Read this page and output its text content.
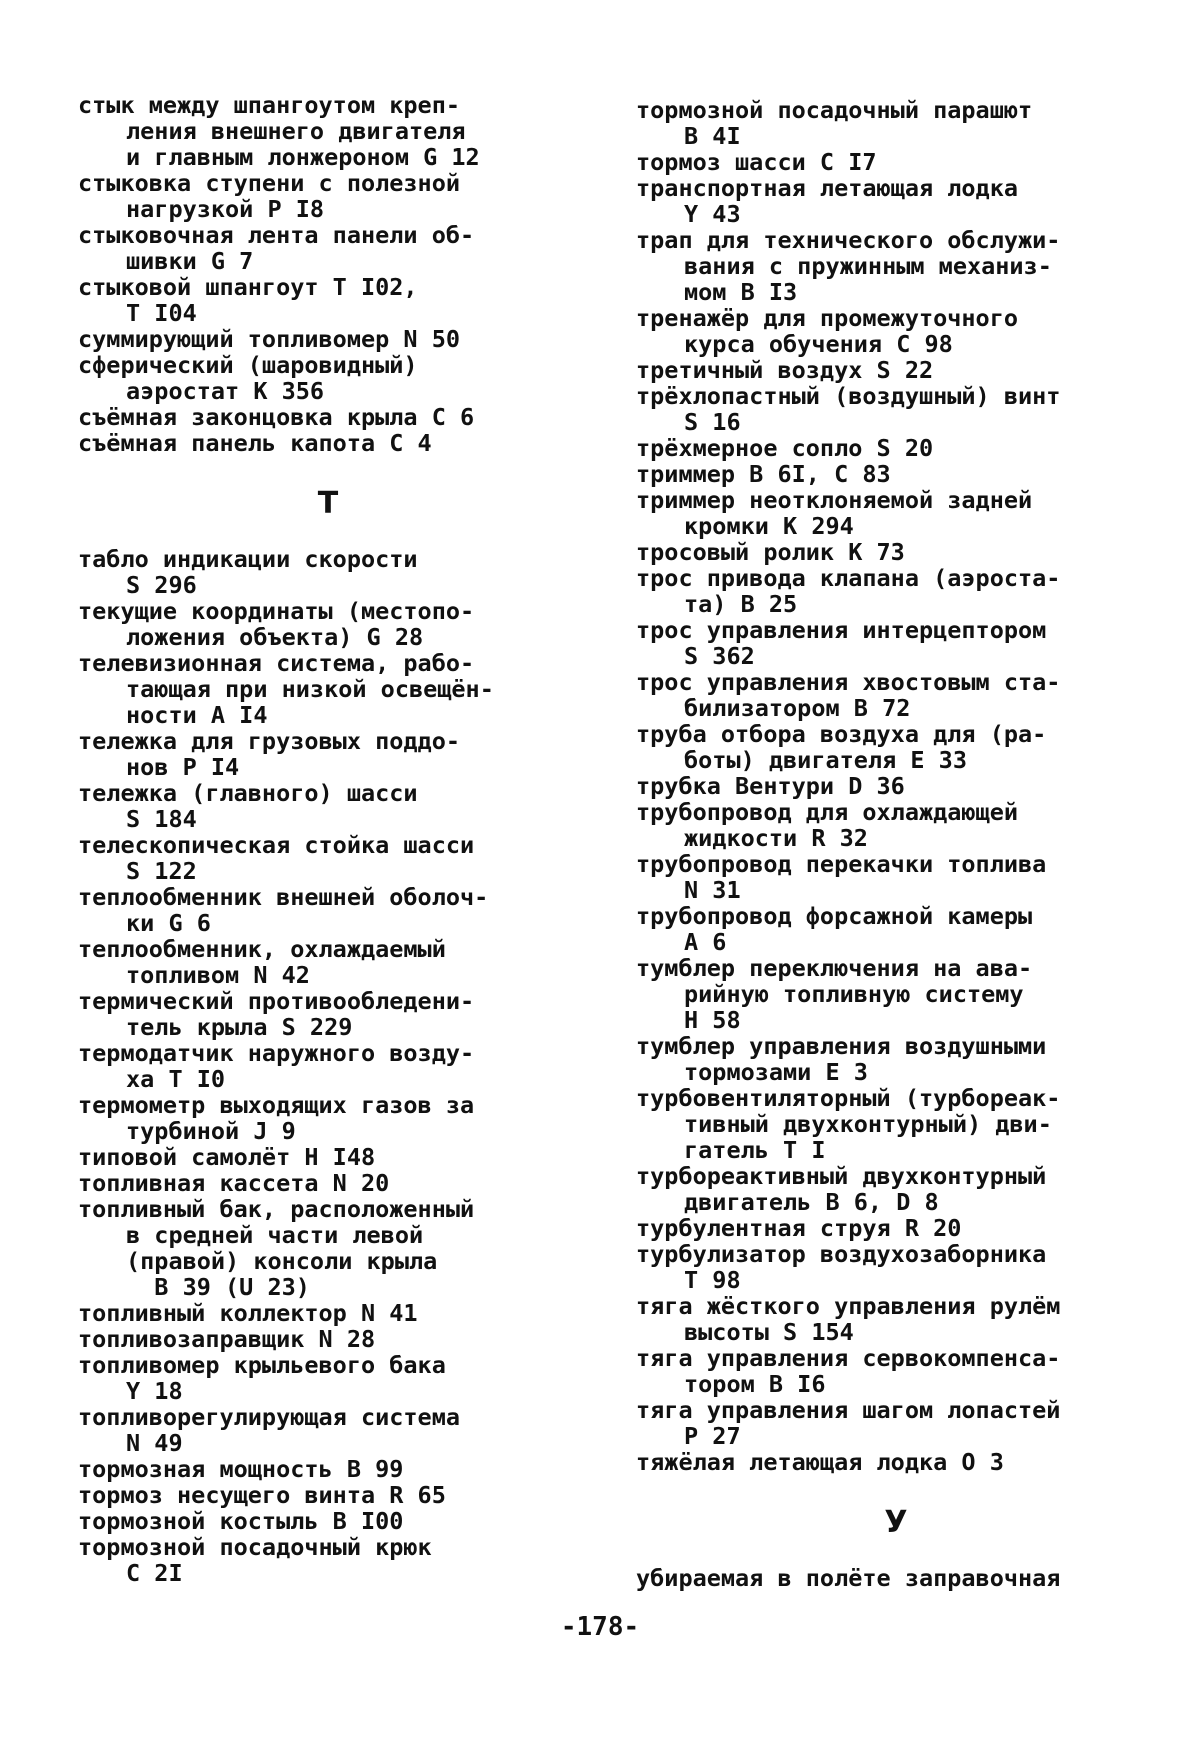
стык между шпангоутом креп-
ления внешнего двигателя
и главным лонжероном G 12
стыковка ступени с полезной
нагрузкой Р I8
стыковочная лента панели об-
шивки G 7
стыковой шпангоут Т I02,
Т I04
суммирующий топливомер N 50
сферический (шаровидный)
аэростат К 356
съёмная законцовка крыла С 6
съёмная панель капота С 4
Т
табло индикации скорости
S 296
текущие координаты (местопо-
ложения объекта) G 28
телевизионная система, рабо-
тающая при низкой освещён-
ности А I4
тележка для грузовых поддо-
нов Р I4
тележка (главного) шасси
S 184
телескопическая стойка шасси
S 122
теплообменник внешней оболоч-
ки G 6
теплообменник, охлаждаемый
топливом N 42
термический противообледени-
тель крыла S 229
термодатчик наружного возду-
ха Т I0
термометр выходящих газов за
турбиной J 9
типовой самолёт Н I48
топливная кассета N 20
топливный бак, расположенный
в средней части левой
(правой) консоли крыла
B 39 (U 23)
топливный коллектор N 41
топливозаправщик N 28
топливомер крыльевого бака
Y 18
топливорегулирующая система
N 49
тормозная мощность В 99
тормоз несущего винта R 65
тормозной костыль В I00
тормозной посадочный крюк
С 2I
тормозной посадочный парашют
В 4I
тормоз шасси С I7
транспортная летающая лодка
Y 43
трап для технического обслужи-
вания с пружинным механиз-
мом В I3
тренажёр для промежуточного
курса обучения С 98
третичный воздух S 22
трёхлопастный (воздушный) винт
S 16
трёхмерное сопло S 20
триммер В 6I, С 83
триммер неотклоняемой задней
кромки К 294
тросовый ролик К 73
трос привода клапана (аэроста-
та) В 25
трос управления интерцептором
S 362
трос управления хвостовым ста-
билизатором В 72
труба отбора воздуха для (ра-
боты) двигателя Е 33
трубка Вентури D 36
трубопровод для охлаждающей
жидкости R 32
трубопровод перекачки топлива
N 31
трубопровод форсажной камеры
А 6
тумблер переключения на ава-
рийную топливную систему
Н 58
тумблер управления воздушными
тормозами Е 3
турбовентиляторный (турбореак-
тивный двухконтурный) дви-
гатель Т I
турбореактивный двухконтурный
двигатель В 6, D 8
турбулентная струя R 20
турбулизатор воздухозаборника
Т 98
тяга жёсткого управления рулём
высоты S 154
тяга управления сервокомпенса-
тором В I6
тяга управления шагом лопастей
Р 27
тяжёлая летающая лодка О 3
У
убираемая в полёте заправочная
-178-
